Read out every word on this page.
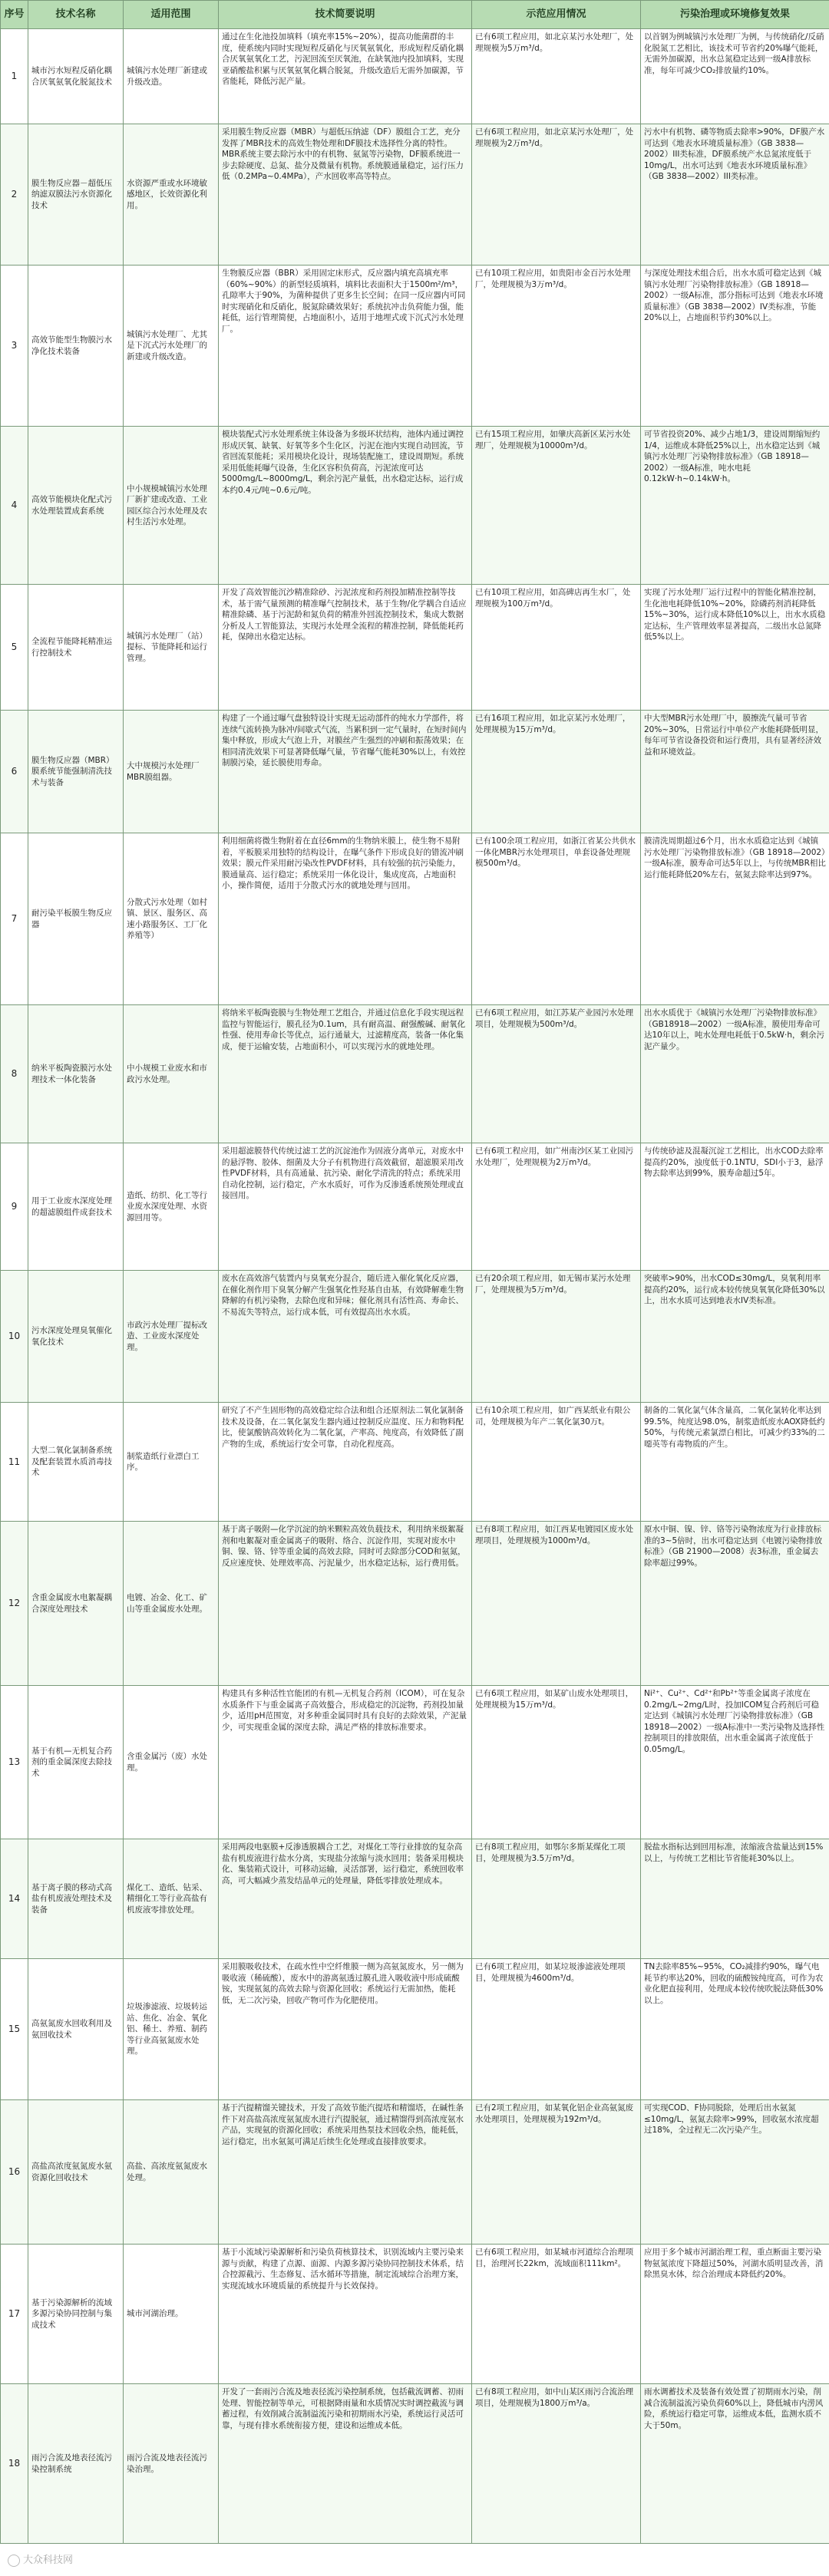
序号	技术名称	适用范围	技术简要说明	示范应用情况	污染治理或环境修复效果
1	城市污水短程反硝化耦合厌氧氨氧化脱氮技术	城镇污水处理厂新建或升级改造。	通过在生化池投加填料（填充率15%~20%），提高功能菌群的丰度，使系统内同时实现短程反硝化与厌氧氨氧化，形成短程反硝化耦合厌氧氨氧化工艺，污泥回流至厌氧池，在缺氧池内投加填料，实现亚硝酸盐积累与厌氧氨氧化耦合脱氮，升级改造后无需外加碳源，节省能耗，降低污泥产量。	已有6项工程应用，如北京某污水处理厂，处理规模为5万m³/d。	以首钢为例城镇污水处理厂为例，与传统硝化/反硝化脱氮工艺相比，该技术可节省约20%曝气能耗，无需外加碳源，出水总氮稳定达到一级A排放标准，每年可减少CO₂排放量约10%。
2	膜生物反应器－超低压纳滤双膜法污水资源化技术	水资源严重或水环境敏感地区，长效资源化利用。	采用膜生物反应器（MBR）与超低压纳滤（DF）膜组合工艺，充分发挥了MBR技术的高效生物处理和DF膜技术选择性分离的特性。MBR系统主要去除污水中的有机物、氨氮等污染物，DF膜系统进一步去除硬度、总氮、盐分及微量有机物。系统膜通量稳定，运行压力低（0.2MPa~0.4MPa），产水回收率高等特点。	已有6项工程应用，如北京某污水处理厂，处理规模为2万m³/d。	污水中有机物、磷等物质去除率>90%，DF膜产水可达到《地表水环境质量标准》（GB 3838—2002）III类标准，DF膜系统产水总氮浓度低于10mg/L，出水可达到《地表水环境质量标准》（GB 3838—2002）III类标准。
3	高效节能型生物膜污水净化技术装备	城镇污水处理厂、尤其是下沉式污水处理厂的新建或升级改造。	生物膜反应器（BBR）采用固定床形式，反应器内填充高填充率（60%~90%）的新型轻质填料，填料比表面积大于1500m²/m³，孔隙率大于90%，为菌种提供了更多生长空间；在同一反应器内可同时实现硝化和反硝化，脱氮除磷效果好；系统抗冲击负荷能力强，能耗低，运行管理简便，占地面积小，适用于地埋式或下沉式污水处理厂。	已有10项工程应用，如贵阳市金百污水处理厂，处理规模为3万m³/d。	与深度处理技术组合后，出水水质可稳定达到《城镇污水处理厂污染物排放标准》（GB 18918—2002）一级A标准，部分指标可达到《地表水环境质量标准》（GB 3838—2002）IV类标准，节能20%以上，占地面积节约30%以上。
4	高效节能模块化配式污水处理装置成套系统	中小规模城镇污水处理厂新扩建或改造、工业园区综合污水处理及农村生活污水处理。	模块装配式污水处理系统主体设备为多级环状结构，池体内通过调控形成厌氧、缺氧、好氧等多个生化区，污泥在池内实现自动回流，节省回流泵能耗；采用模块化设计，现场装配施工，建设周期短。系统采用低能耗曝气设备，生化区容积负荷高，污泥浓度可达5000mg/L~8000mg/L，剩余污泥产量低，出水稳定达标，运行成本约0.4元/吨~0.6元/吨。	已有15项工程应用，如肇庆高新区某污水处理厂，处理规模为10000m³/d。	可节省投资20%、减少占地1/3，建设周期缩短约1/4，运维成本降低25%以上，出水稳定达到《城镇污水处理厂污染物排放标准》（GB 18918—2002）一级A标准，吨水电耗0.12kW·h~0.14kW·h。
5	全流程节能降耗精准运行控制技术	城镇污水处理厂（站）提标、节能降耗和运行管理。	开发了高效智能沉沙精准除砂、污泥浓度和药剂投加精准控制等技术，基于需气量预测的精准曝气控制技术，基于生物/化学耦合自适应精准除磷、基于污泥龄和氮负荷的精准外回流控制技术，集成大数据分析及人工智能算法，实现污水处理全流程的精准控制，降低能耗药耗，保障出水稳定达标。	已有10项工程应用，如高碑店再生水厂，处理规模为100万m³/d。	实现了污水处理厂运行过程中的智能化精准控制，生化池电耗降低10%~20%，除磷药剂消耗降低15%~30%，运行成本降低10%以上，出水水质稳定达标，生产管理效率显著提高，二级出水总氮降低5%以上。
6	膜生物反应器（MBR）膜系统节能强制清洗技术与装备	大中规模污水处理厂MBR膜组器。	构建了一个通过曝气盘独特设计实现无运动部件的纯水力学部件，将连续气流转换为脉冲/间歇式气流，当累积到一定气量时，在短时间内集中释放，形成大气泡上升，对膜丝产生强烈的冲刷和振荡效果；在相同清洗效果下可显著降低曝气量，节省曝气能耗30%以上，有效控制膜污染，延长膜使用寿命。	已有16项工程应用，如北京某污水处理厂，处理规模为15万m³/d。	中大型MBR污水处理厂中，膜擦洗气量可节省20%~30%，日常运行中单位产水能耗降低明显，每年可节省设备投资和运行费用，具有显著经济效益和环境效益。
7	耐污染平板膜生物反应器	分散式污水处理（如村镇、景区、服务区、高速小路服务区、工厂化养殖等）	利用细菌将微生物附着在直径6mm的生物纳米膜上，使生物不易附着，平板膜采用独特的结构设计，在曝气条件下形成良好的错流冲刷效果；膜元件采用耐污染改性PVDF材料，具有较强的抗污染能力，膜通量高、运行稳定；系统采用一体化设计，集成度高，占地面积小，操作简便，适用于分散式污水的就地处理与回用。	已有100余项工程应用，如浙江省某公共供水一体化MBR污水处理项目，单套设备处理规模500m³/d。	膜清洗周期超过6个月，出水水质稳定达到《城镇污水处理厂污染物排放标准》（GB 18918—2002）一级A标准，膜寿命可达5年以上，与传统MBR相比运行能耗降低20%左右，氨氮去除率达到97%。
8	纳米平板陶瓷膜污水处理技术一体化装备	中小规模工业废水和市政污水处理。	将纳米平板陶瓷膜与生物处理工艺组合，并通过信息化手段实现远程监控与智能运行，膜孔径为0.1um，具有耐高温、耐强酸碱、耐氧化性强、使用寿命长等优点，运行通量大，过滤精度高，装备一体化集成，便于运输安装，占地面积小，可以实现污水的就地处理。	已有6项工程应用，如江苏某产业园污水处理项目，处理规模为500m³/d。	出水水质优于《城镇污水处理厂污染物排放标准》（GB18918—2002）一级A标准，膜使用寿命可达10年以上，吨水处理电耗低于0.5kW·h，剩余污泥产量少。
9	用于工业废水深度处理的超滤膜组件成套技术	造纸、纺织、化工等行业废水深度处理、水资源回用等。	采用超滤膜替代传统过滤工艺的沉淀池作为固液分离单元，对废水中的悬浮物、胶体、细菌及大分子有机物进行高效截留，超滤膜采用改性PVDF材料，具有高通量、抗污染、耐化学清洗的特点；系统采用自动化控制，运行稳定，产水水质好，可作为反渗透系统预处理或直接回用。	已有6项工程应用，如广州南沙区某工业园污水处理厂，处理规模为2万m³/d。	与传统砂滤及混凝沉淀工艺相比，出水COD去除率提高约20%，浊度低于0.1NTU，SDI小于3，悬浮物去除率达到99%，膜寿命超过5年。
10	污水深度处理臭氧催化氧化技术	市政污水处理厂提标改造、工业废水深度处理。	废水在高效溶气装置内与臭氧充分混合，随后进入催化氧化反应器，在催化剂作用下臭氧分解产生强氧化性羟基自由基，有效降解难生物降解的有机污染物，去除色度和异味；催化剂具有活性高、寿命长、不易流失等特点，运行成本低，可有效提高出水水质。	已有20余项工程应用，如无锡市某污水处理厂，处理规模为5万m³/d。	突破率>90%，出水COD≤30mg/L，臭氧利用率提高约20%，运行成本较传统臭氧氧化降低30%以上，出水水质可达到地表水IV类标准。
11	大型二氧化氯制备系统及配套装置水质消毒技术	制浆造纸行业漂白工序。	研究了不产生固形物的高效稳定综合法和组合还原剂法二氧化氯制备技术及设备，在二氧化氯发生器内通过控制反应温度、压力和物料配比，使氯酸钠高效转化为二氧化氯，产率高、纯度高，有效降低了副产物的生成，系统运行安全可靠，自动化程度高。	已有10余项工程应用，如广西某纸业有限公司，处理规模为年产二氧化氯30万t。	制备的二氧化氯气体含量高，二氧化氯转化率达到99.5%，纯度达98.0%，制浆造纸废水AOX降低约50%，与传统元素氯漂白相比，可减少约33%的二噁英等有毒物质的产生。
12	含重金属废水电絮凝耦合深度处理技术	电镀、冶金、化工、矿山等重金属废水处理。	基于离子吸附—化学沉淀的纳米颗粒高效负载技术，利用纳米级絮凝剂和电絮凝对重金属离子的吸附、络合、沉淀作用，实现对废水中铜、镍、铬、锌等重金属的高效去除，同时可去除部分COD和氨氮，反应速度快、处理效率高、污泥量少，出水稳定达标，运行费用低。	已有8项工程应用，如江西某电镀园区废水处理项目，处理规模为1000m³/d。	原水中铜、镍、锌、铬等污染物浓度为行业排放标准的3~5倍时，出水可稳定达到《电镀污染物排放标准》（GB 21900—2008）表3标准，重金属去除率超过99%。
13	基于有机—无机复合药剂的重金属深度去除技术	含重金属污（废）水处理。	构建具有多种活性官能团的有机—无机复合药剂（ICOM），可在复杂水质条件下与重金属离子高效螯合，形成稳定的沉淀物，药剂投加量少，适用pH范围宽，对多种重金属同时具有良好的去除效果，产泥量少，可实现重金属的深度去除，满足严格的排放标准要求。	已有6项工程应用，如某矿山废水处理项目，处理规模为15万m³/d。	Ni²⁺、Cu²⁺、Cd²⁺和Pb²⁺等重金属离子浓度在0.2mg/L~2mg/L时，投加ICOM复合药剂后可稳定达到《城镇污水处理厂污染物排放标准》（GB 18918—2002）一级A标准中一类污染物及选择性控制项目的排放限值，出水重金属离子浓度低于0.05mg/L。
14	基于离子膜的移动式高盐有机废液处理技术及装备	煤化工、造纸、钻采、精细化工等行业高盐有机废液零排放处理。	采用两段电驱膜+反渗透膜耦合工艺，对煤化工等行业排放的复杂高盐有机废液进行盐水分离，实现盐分浓缩与淡水回用；装备采用模块化、集装箱式设计，可移动运输，灵活部署，运行稳定，系统回收率高，可大幅减少蒸发结晶单元的处理量，降低零排放处理成本。	已有8项工程应用，如鄂尔多斯某煤化工项目，处理规模为3.5万m³/d。	脱盐水指标达到回用标准，浓缩液含盐量达到15%以上，与传统工艺相比节省能耗30%以上。
15	高氨氮废水回收利用及氨回收技术	垃圾渗滤液、垃圾转运站、焦化、冶金、氧化铝、稀土、养殖、制药等行业高氨氮废水处理。	采用膜吸收技术，在疏水性中空纤维膜一侧为高氨氮废水，另一侧为吸收液（稀硫酸），废水中的游离氨透过膜孔进入吸收液中形成硫酸铵，实现氨氮的高效去除与资源化回收；系统运行无需加热，能耗低，无二次污染，回收产物可作为化肥使用。	已有6项工程应用，如某垃圾渗滤液处理项目，处理规模为4600m³/d。	TN去除率85%~95%，CO₂减排约90%，曝气电耗节约率达20%，回收的硫酸铵纯度高，可作为农业化肥直接利用，处理成本较传统吹脱法降低30%以上。
16	高盐高浓度氨氮废水氨资源化回收技术	高盐、高浓度氨氮废水处理。	基于汽提精馏关键技术，开发了高效节能汽提塔和精馏塔，在碱性条件下对高盐高浓度氨氮废水进行汽提脱氨，通过精馏得到高浓度氨水产品，实现氨的资源化回收；系统采用热泵技术回收余热，能耗低，运行稳定，出水氨氮可满足后续生化处理或直接排放要求。	已有2项工程应用，如某氧化铝企业高氨氮废水处理项目，处理规模为192m³/d。	可实现COD、F协同脱除，处理后出水氨氮≤10mg/L，氨氮去除率>99%，回收氨水浓度超过18%，全过程无二次污染产生。
17	基于污染源解析的流域多源污染协同控制与集成技术	城市河湖治理。	基于小流域污染源解析和污染负荷核算技术，识别流域内主要污染来源与贡献，构建了点源、面源、内源多源污染协同控制技术体系，结合控源截污、生态修复、活水循环等措施，制定流域综合治理方案，实现流域水环境质量的系统提升与长效保持。	已有6项工程应用，如某城市河道综合治理项目，治理河长22km，流域面积111km²。	应用于多个城市河湖治理工程，重点断面主要污染物氨氮浓度下降超过50%，河湖水质明显改善，消除黑臭水体，综合治理成本降低约20%。
18	雨污合流及地表径流污染控制系统	雨污合流及地表径流污染治理。	开发了一套雨污合流及地表径流污染控制系统，包括截流调蓄、初雨处理、智能控制等单元，可根据降雨量和水质情况实时调控截流与调蓄过程，有效削减合流制溢流污染和初期雨水污染，系统运行灵活可靠，与现有排水系统衔接方便，建设和运维成本低。	已有8项工程应用，如中山某区雨污合流治理项目，处理规模为1800万m³/a。	雨水调蓄技术及装备有效处置了初期雨水污染，削减合流制溢流污染负荷60%以上，降低城市内涝风险，系统运行稳定可靠，运维成本低，监测水质不大于50m。
大众科技网
